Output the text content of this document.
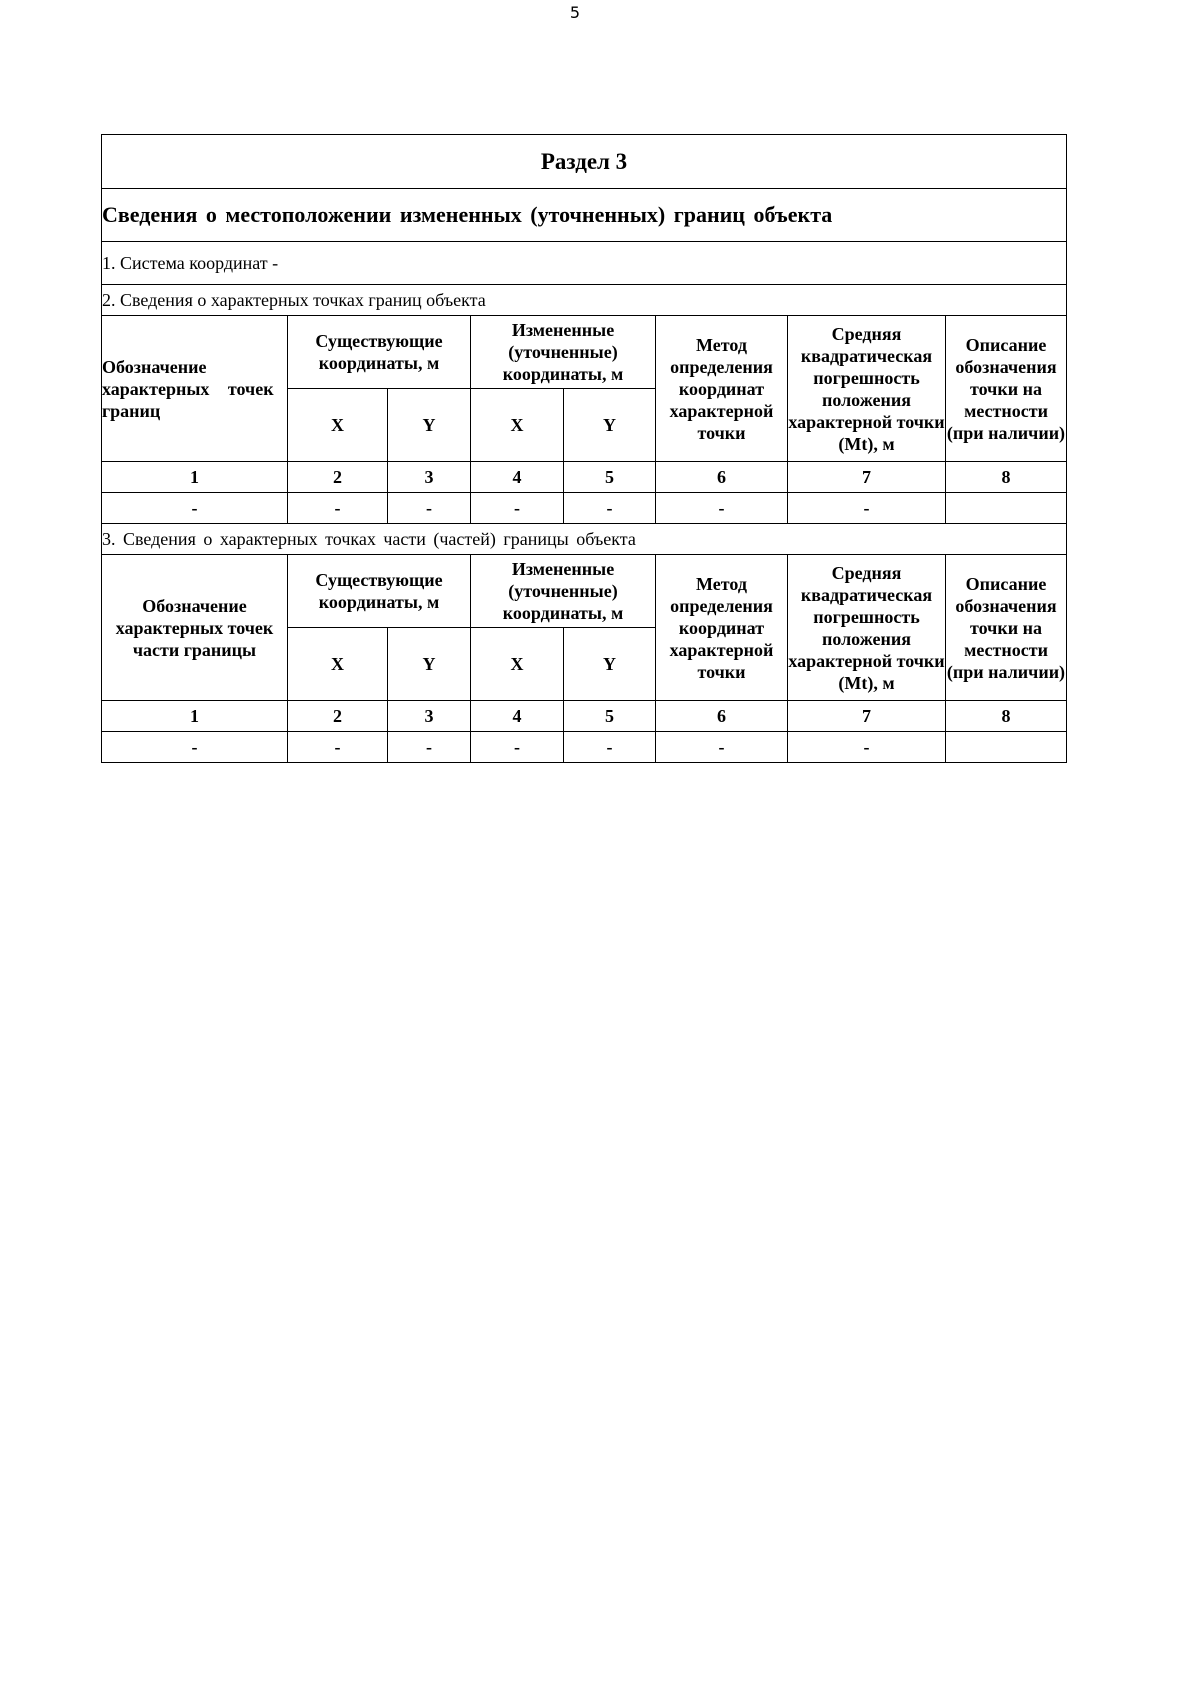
5
Раздел 3							
Сведения о местоположении измененных (уточненных) границ объекта							
1. Система координат -							
2. Сведения о характерных точках границ объекта							
Обозначение характерных точек границ	Существующие координаты, м		Измененные (уточненные) координаты, м		Метод определения координат характерной точки	Средняя квадратическая погрешность положения характерной точки (Mt), м	Описание обозначения точки на местности (при наличии)
	X	Y	X	Y			
1	2	3	4	5	6	7	8
-	-	-	-	-	-	-	
3. Сведения о характерных точках части (частей) границы объекта							
Обозначение характерных точек части границы	Существующие координаты, м		Измененные (уточненные) координаты, м		Метод определения координат характерной точки	Средняя квадратическая погрешность положения характерной точки (Mt), м	Описание обозначения точки на местности (при наличии)
	X	Y	X	Y			
1	2	3	4	5	6	7	8
-	-	-	-	-	-	-	
